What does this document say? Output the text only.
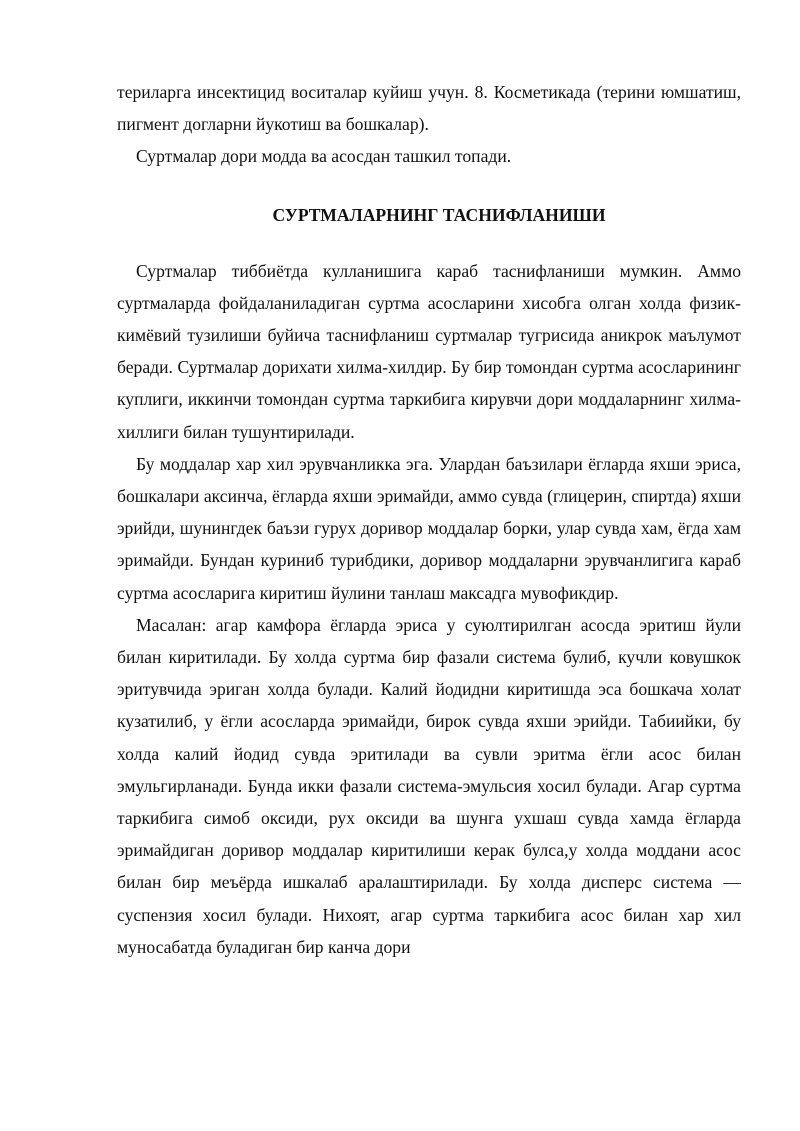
териларга инсектицид воситалар куйиш учун. 8. Косметикада (терини юмшатиш, пигмент догларни йукотиш ва бошкалар).

Суртмалар дори модда ва асосдан ташкил топади.

СУРТМАЛАРНИНГ ТАСНИФЛАНИШИ

Суртмалар тиббиётда кулланишига караб таснифланиши мумкин. Аммо суртмаларда фойдаланиладиган суртма асосларини хисобга олган холда физик-кимёвий тузилиши буйича таснифланиш суртмалар тугрисида аникрок маълумот беради. Суртмалар дорихати хилма-хилдир. Бу бир томондан суртма асосларининг куплиги, иккинчи томондан суртма таркибига кирувчи дори моддаларнинг хилма-хиллиги билан тушунтирилади.

Бу моддалар хар хил эрувчанликка эга. Улардан баъзилари ёгларда яхши эриса, бошкалари аксинча, ёгларда яхши эримайди, аммо сувда (глицерин, спиртда) яхши эрийди, шунингдек баъзи гурух доривор моддалар борки, улар сувда хам, ёгда хам эримайди. Бундан куриниб турибдики, доривор моддаларни эрувчанлигига караб суртма асосларига киритиш йулини танлаш максадга мувофикдир.

Масалан: агар камфора ёгларда эриса у суюлтирилган асосда эритиш йули билан киритилади. Бу холда суртма бир фазали система булиб, кучли ковушкок эритувчида эриган холда булади. Калий йодидни киритишда эса бошкача холат кузатилиб, у ёгли асосларда эримайди, бирок сувда яхши эрийди. Табиийки, бу холда калий йодид сувда эритилади ва сувли эритма ёгли асос билан эмульгирланади. Бунда икки фазали система-эмульсия хосил булади. Агар суртма таркибига симоб оксиди, рух оксиди ва шунга ухшаш сувда хамда ёгларда эримайдиган доривор моддалар киритилиши керак булса,у холда моддани асос билан бир меъёрда ишкалаб аралаштирилади. Бу холда дисперс система — суспензия хосил булади. Нихоят, агар суртма таркибига асос билан хар хил муносабатда буладиган бир канча дори
